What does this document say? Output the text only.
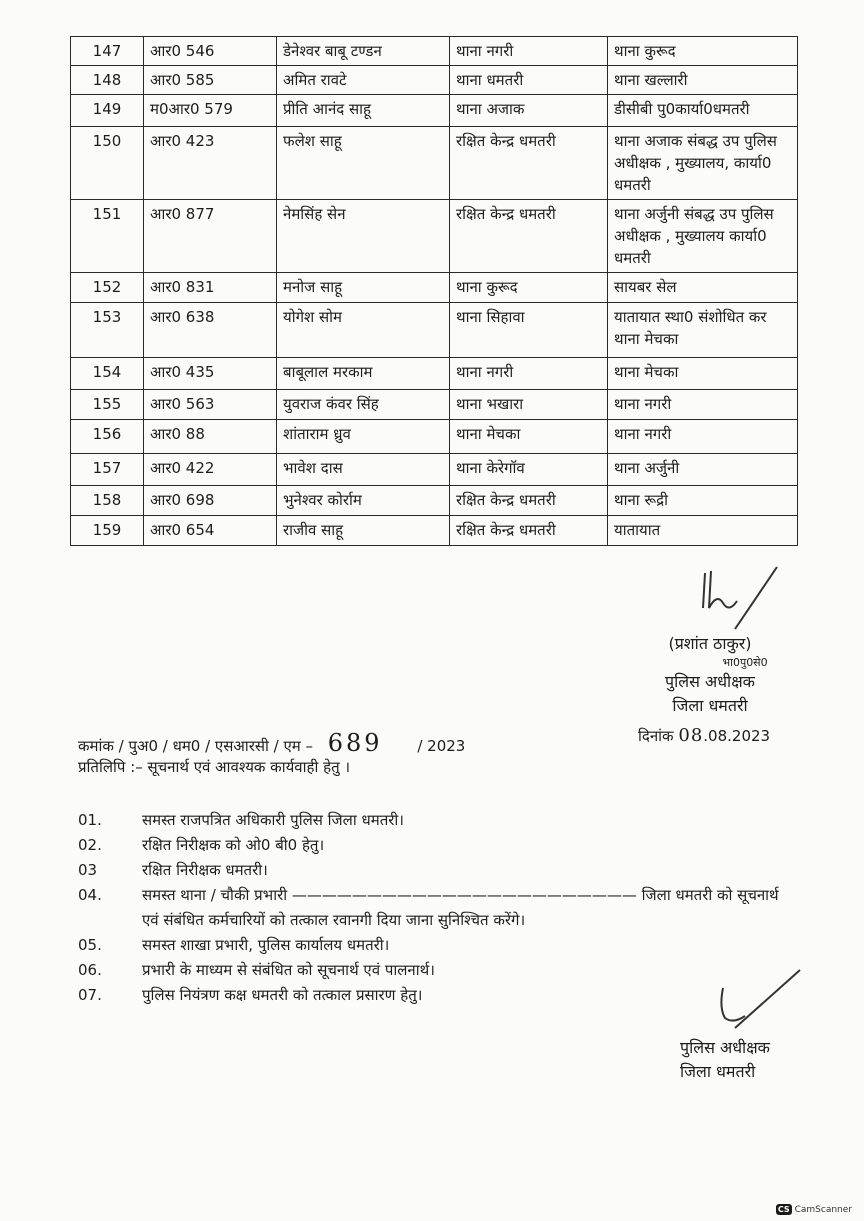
147	आर0 546	डेनेश्वर बाबू टण्डन	थाना नगरी	थाना कुरूद
148	आर0 585	अमित रावटे	थाना धमतरी	थाना खल्लारी
149	म0आर0 579	प्रीति आनंद साहू	थाना अजाक	डीसीबी पु0कार्या0धमतरी
150	आर0 423	फलेश साहू	रक्षित केन्द्र धमतरी	थाना अजाक संबद्ध उप पुलिस अधीक्षक , मुख्यालय, कार्या0 धमतरी
151	आर0 877	नेमसिंह सेन	रक्षित केन्द्र धमतरी	थाना अर्जुनी संबद्ध उप पुलिस अधीक्षक , मुख्यालय कार्या0 धमतरी
152	आर0 831	मनोज साहू	थाना कुरूद	सायबर सेल
153	आर0 638	योगेश सोम	थाना सिहावा	यातायात स्था0 संशोधित कर थाना मेचका
154	आर0 435	बाबूलाल मरकाम	थाना नगरी	थाना मेचका
155	आर0 563	युवराज कंवर सिंह	थाना भखारा	थाना नगरी
156	आर0 88	शांताराम ध्रुव	थाना मेचका	थाना नगरी
157	आर0 422	भावेश दास	थाना केरेगॉव	थाना अर्जुनी
158	आर0 698	भुनेश्वर कोर्राम	रक्षित केन्द्र धमतरी	थाना रूद्री
159	आर0 654	राजीव साहू	रक्षित केन्द्र धमतरी	यातायात
(प्रशांत ठाकुर)
भा0पु0से0
पुलिस अधीक्षक
जिला धमतरी
दिनांक 08.08.2023
कमांक / पुअ0 / धम0 / एसआरसी / एम – 689 / 2023
प्रतिलिपि :– सूचनार्थ एवं आवश्यक कार्यवाही हेतु ।
01.	समस्त राजपत्रित अधिकारी पुलिस जिला धमतरी।
02.	रक्षित निरीक्षक को ओ0 बी0 हेतु।
03	रक्षित निरीक्षक धमतरी।
04.	समस्त थाना / चौकी प्रभारी ——————————————————————— जिला धमतरी को सूचनार्थ एवं संबंधित कर्मचारियों को तत्काल रवानगी दिया जाना सुनिश्चित करेंगे।
05.	समस्त शाखा प्रभारी, पुलिस कार्यालय धमतरी।
06.	प्रभारी के माध्यम से संबंधित को सूचनार्थ एवं पालनार्थ।
07.	पुलिस नियंत्रण कक्ष धमतरी को तत्काल प्रसारण हेतु।
पुलिस अधीक्षक
जिला धमतरी
CS CamScanner
